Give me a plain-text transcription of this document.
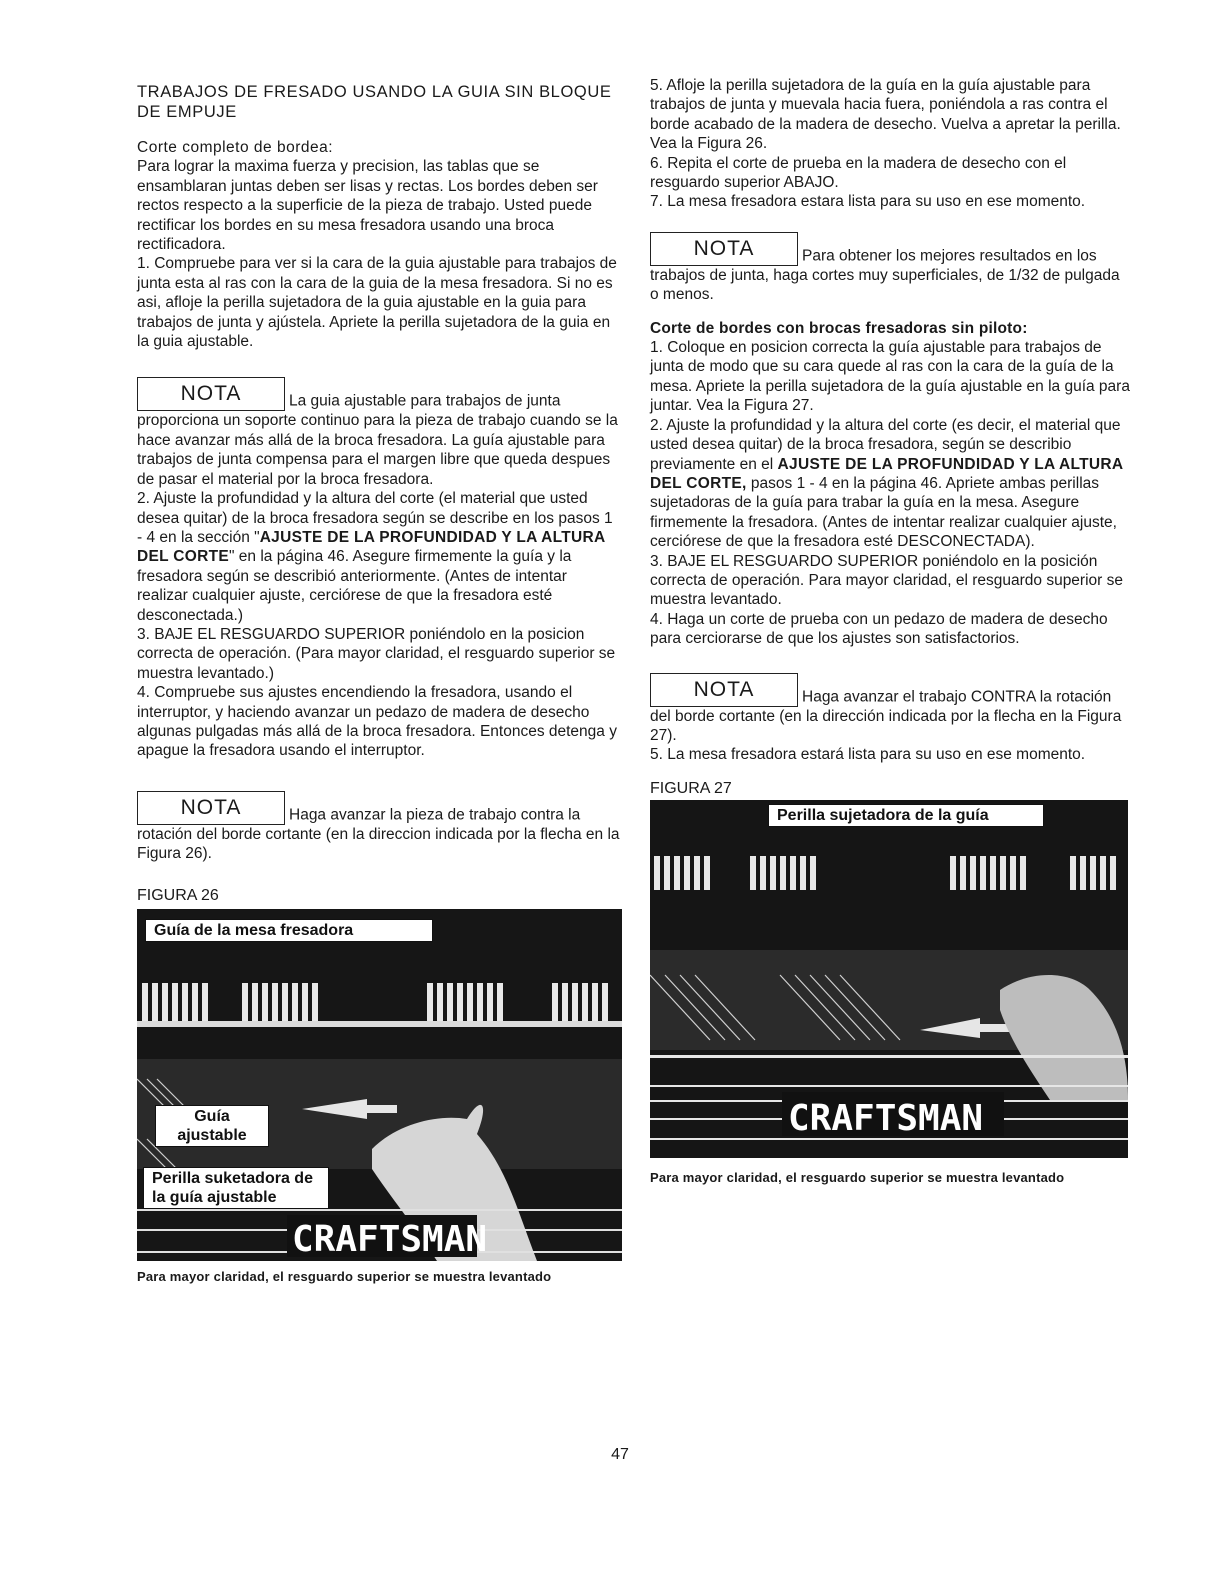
TRABAJOS DE FRESADO USANDO LA GUIA SIN BLOQUE DE EMPUJE

Corte completo de bordea:

Para lograr la maxima fuerza y precision, las tablas que se ensamblaran juntas deben ser lisas y rectas. Los bordes deben ser rectos respecto a la superficie de la pieza de trabajo. Usted puede rectificar los bordes en su mesa fresadora usando una broca rectificadora.

1. Compruebe para ver si la cara de la guia ajustable para trabajos de junta esta al ras con la cara de la guia de la mesa fresadora. Si no es asi, afloje la perilla sujetadora de la guia ajustable en la guia para trabajos de junta y ajústela. Apriete la perilla sujetadora de la guia en la guia ajustable.

NOTA	La guia ajustable para trabajos de junta proporciona un soporte continuo para la pieza de trabajo cuando se la hace avanzar más allá de la broca fresadora. La guía ajustable para trabajos de junta compensa para el margen libre que queda despues de pasar el material por la broca fresadora.

2. Ajuste la profundidad y la altura del corte (el material que usted desea quitar) de la broca fresadora según se describe en los pasos 1 - 4 en la sección "AJUSTE DE LA PROFUNDIDAD Y LA ALTURA DEL CORTE" en la página 46. Asegure firmemente la guía y la fresadora según se describió anteriormente. (Antes de intentar realizar cualquier ajuste, cerciórese de que la fresadora esté desconectada.)

3. BAJE EL RESGUARDO SUPERIOR poniéndolo en la posicion correcta de operación. (Para mayor claridad, el resguardo superior se muestra levantado.)

4. Compruebe sus ajustes encendiendo la fresadora, usando el interruptor, y haciendo avanzar un pedazo de madera de desecho algunas pulgadas más allá de la broca fresadora. Entonces detenga y apague la fresadora usando el interruptor.

NOTA	Haga avanzar la pieza de trabajo contra la rotación del borde cortante (en la direccion indicada por la flecha en la Figura 26).
FIGURA 26
CRAFTSMAN
Guía de la mesa fresadora
Guía ajustable
Perilla suketadora de la guía ajustable
Para mayor claridad, el resguardo superior se muestra levantado

5. Afloje la perilla sujetadora de la guía en la guía ajustable para trabajos de junta y muevala hacia fuera, poniéndola a ras contra el borde acabado de la madera de desecho. Vuelva a apretar la perilla. Vea la Figura 26.

6. Repita el corte de prueba en la madera de desecho con el resguardo superior ABAJO.

7. La mesa fresadora estara lista para su uso en ese momento.

NOTA	Para obtener los mejores resultados en los trabajos de junta, haga cortes muy superficiales, de 1/32 de pulgada o menos.

Corte de bordes con brocas fresadoras sin piloto:

1. Coloque en posicion correcta la guía ajustable para trabajos de junta de modo que su cara quede al ras con la cara de la guía de la mesa. Apriete la perilla sujetadora de la guía ajustable en la guía para juntar. Vea la Figura 27.

2. Ajuste la profundidad y la altura del corte (es decir, el material que usted desea quitar) de la broca fresadora, según se describio previamente en el AJUSTE DE LA PROFUNDIDAD Y LA ALTURA DEL CORTE, pasos 1 - 4 en la página 46. Apriete ambas perillas sujetadoras de la guía para trabar la guía en la mesa. Asegure firmemente la fresadora. (Antes de intentar realizar cualquier ajuste, cerciórese de que la fresadora esté DESCONECTADA).

3. BAJE EL RESGUARDO SUPERIOR poniéndolo en la posición correcta de operación. Para mayor claridad, el resguardo superior se muestra levantado.

4. Haga un corte de prueba con un pedazo de madera de desecho para cerciorarse de que los ajustes son satisfactorios.

NOTA	Haga avanzar el trabajo CONTRA la rotación del borde cortante (en la dirección indicada por la flecha en la Figura 27).

5. La mesa fresadora estará lista para su uso en ese momento.

FIGURA 27
CRAFTSMAN
Perilla sujetadora de la guía
Para mayor claridad, el resguardo superior se muestra levantado
47
